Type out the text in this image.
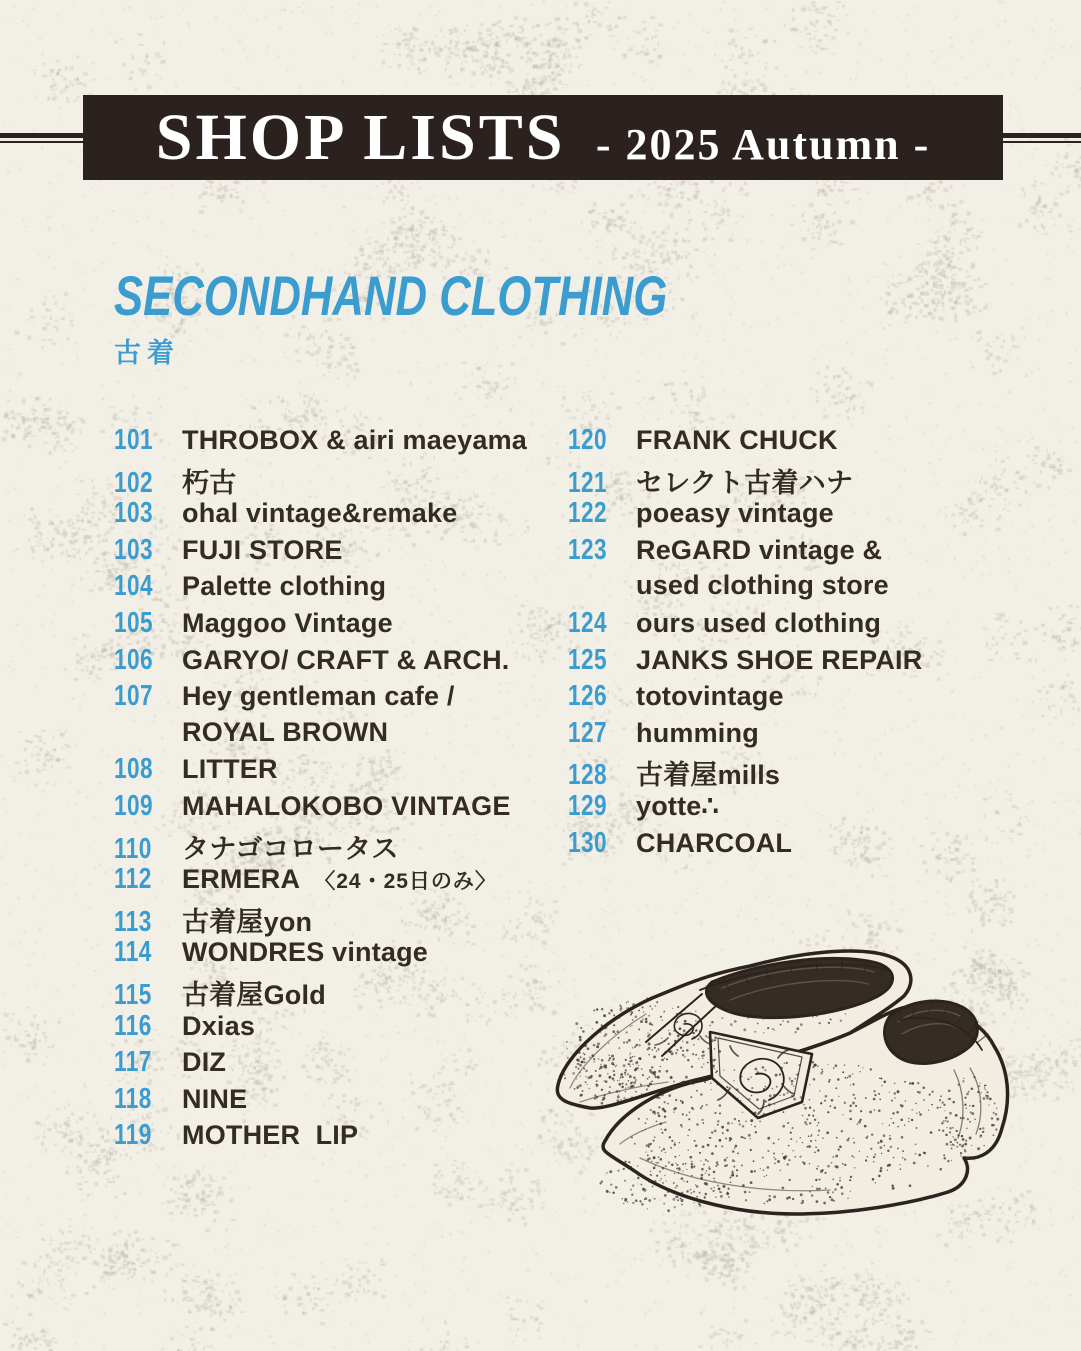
SHOP LISTS - 2025 Autumn -
SECONDHAND CLOTHING
古着
101 THROBOX & airi maeyama
102 朽古
103 ohal vintage&remake
103 FUJI STORE
104 Palette clothing
105 Maggoo Vintage
106 GARYO/ CRAFT & ARCH.
107 Hey gentleman cafe /
ROYAL BROWN
108 LITTER
109 MAHALOKOBO VINTAGE
110 タナゴコロータス
112 ERMERA 〈24・25日のみ〉
113 古着屋yon
114 WONDRES vintage
115 古着屋Gold
116 Dxias
117 DIZ
118 NINE
119 MOTHER  LIP
120 FRANK CHUCK
121 セレクト古着ハナ
122 poeasy vintage
123 ReGARD vintage &
used clothing store
124 ours used clothing
125 JANKS SHOE REPAIR
126 totovintage
127 humming
128 古着屋mills
129 yotte∴
130 CHARCOAL
